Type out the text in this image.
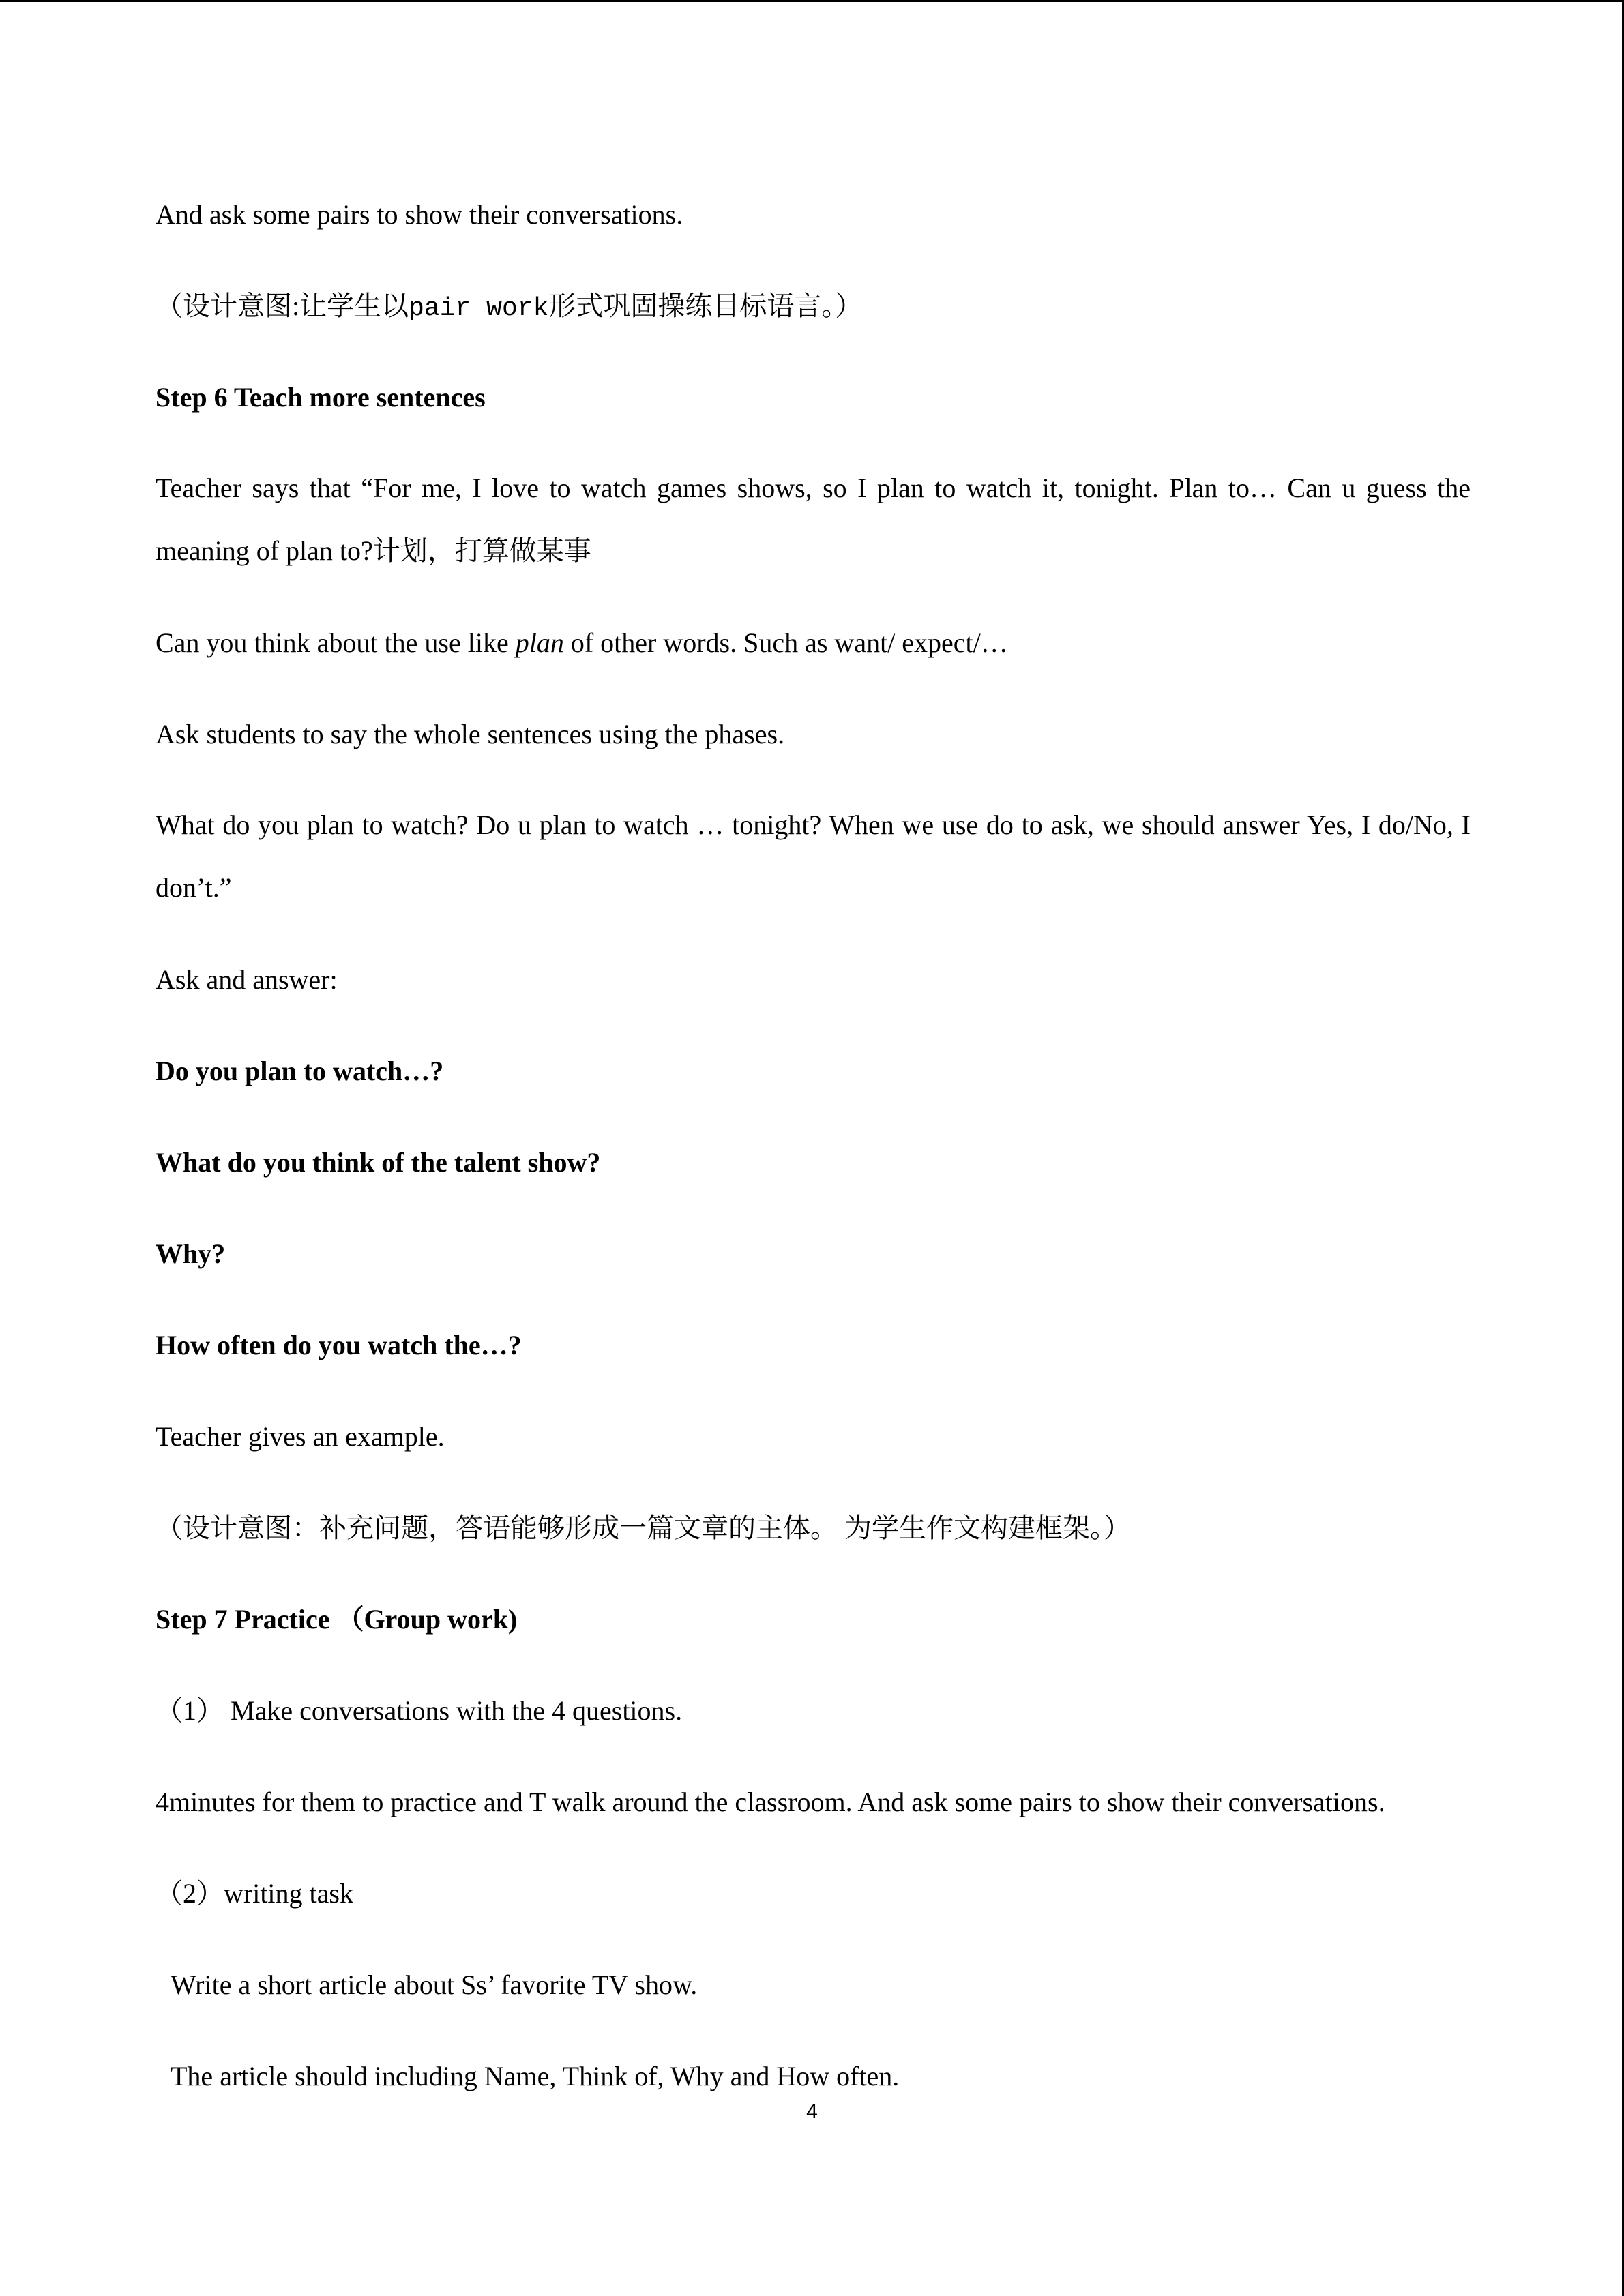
And ask some pairs to show their conversations.
（设计意图:让学生以pair work形式巩固操练目标语言。）
Step 6 Teach more sentences
Teacher says that “For me, I love to watch games shows, so I plan to watch it, tonight. Plan to… Can u guess the meaning of plan to?计划，打算做某事
Can you think about the use like plan of other words. Such as want/ expect/…
Ask students to say the whole sentences using the phases.
What do you plan to watch? Do u plan to watch … tonight? When we use do to ask, we should answer Yes, I do/No, I don’t.”
Ask and answer:
Do you plan to watch…?
What do you think of the talent show?
Why?
How often do you watch the…?
Teacher gives an example.
（设计意图：补充问题，答语能够形成一篇文章的主体。 为学生作文构建框架。）
Step 7 Practice （Group work)
（1） Make conversations with the 4 questions.
4minutes for them to practice and T walk around the classroom. And ask some pairs to show their conversations.
（2）writing task
Write a short article about Ss’ favorite TV show.
The article should including Name, Think of, Why and How often.
4
